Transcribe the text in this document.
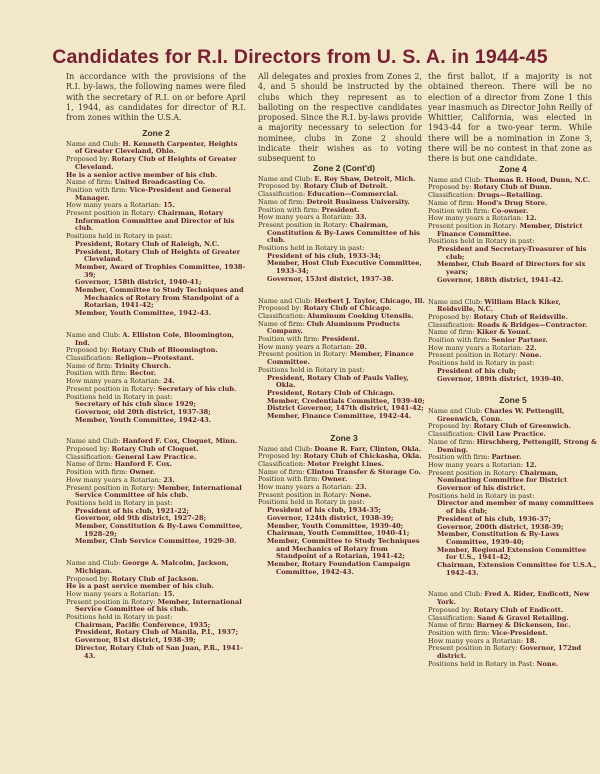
Candidates for R.I. Directors from U. S. A. in 1944-45

In accordance with the provisions of the R.I. by-laws, the following names were filed with the secretary of R.I. on or before April 1, 1944, as candidates for director of R.I. from zones within the U.S.A.

All delegates and proxies from Zones 2, 4, and 5 should be instructed by the clubs which they represent as to balloting on the respective candidates proposed. Since the R.I. by-laws provide a majority necessary to selection for nominee, clubs in Zone 2 should indicate their wishes as to voting subsequent to

the first ballot, if a majority is not obtained thereon. There will be no election of a director from Zone 1 this year inasmuch as Director John Reilly of Whittier, California, was elected in 1943-44 for a two-year term. While there will be a nomination in Zone 3, there will be no contest in that zone as there is but one candidate.

Zone 2

Name and Club: H. Kenneth Carpenter, Heights of Greater Cleveland, Ohio.

Proposed by: Rotary Club of Heights of Greater Cleveland.

He is a senior active member of his club.

Name of firm: United Broadcasting Co.

Position with firm: Vice-President and General Manager.

How many years a Rotarian: 15.

Present position in Rotary: Chairman, Rotary Information Committee and Director of his club.

Positions held in Rotary in past:

President, Rotary Club of Raleigh, N.C.

President, Rotary Club of Heights of Greater Cleveland.

Member, Award of Trophies Committee, 1938-39;

Governor, 158th district, 1940-41;

Member, Committee to Study Techniques and Mechanics of Rotary from Standpoint of a Rotarian, 1941-42;

Member, Youth Committee, 1942-43.

Name and Club: A. Elliston Cole, Bloomington, Ind.

Proposed by: Rotary Club of Bloomington.

Classification: Religion—Protestant.

Name of firm: Trinity Church.

Position with firm: Rector.

How many years a Rotarian: 24.

Present position in Rotary: Secretary of his club.

Positions held in Rotary in past:

Secretary of his club since 1929;

Governor, old 20th district, 1937-38;

Member, Youth Committee, 1942-43.

Name and Club: Hanford F. Cox, Cloquet, Minn.

Proposed by: Rotary Club of Cloquet.

Classification: General Law Practice.

Name of firm: Hanford F. Cox.

Position with firm: Owner.

How many years a Rotarian: 23.

Present position in Rotary: Member, International Service Committee of his club.

Positions held in Rotary in past:

President of his club, 1921-22;

Governor, old 9th district, 1927-28;

Member, Constitution & By-Laws Committee, 1928-29;

Member, Club Service Committee, 1929-30.

Name and Club: George A. Malcolm, Jackson, Michigan.

Proposed by: Rotary Club of Jackson.

He is a past service member of his club.

How many years a Rotarian: 15.

Present position in Rotary: Member, International Service Committee of his club.

Positions held in Rotary in past:

Chairman, Pacific Conference, 1935;

President, Rotary Club of Manila, P.I., 1937;

Governor, 81st district, 1938-39;

Director, Rotary Club of San Juan, P.R., 1941-43.

Zone 2 (Cont'd)

Name and Club: E. Roy Shaw, Detroit, Mich.

Proposed by: Rotary Club of Detroit.

Classification: Education—Commercial.

Name of firm: Detroit Business University.

Position with firm: President.

How many years a Rotarian: 33.

Present position in Rotary: Chairman, Constitution & By-Laws Committee of his club.

Positions held in Rotary in past:

President of his club, 1933-34;

Member, Host Club Executive Committee, 1933-34;

Governor, 153rd district, 1937-38.

Name and Club: Herbert J. Taylor, Chicago, Ill.

Proposed by: Rotary Club of Chicago.

Classification: Aluminum Cooking Utensils.

Name of firm: Club Aluminum Products Company.

Position with firm: President.

How many years a Rotarian: 20.

Present position in Rotary: Member, Finance Committee.

Positions held in Rotary in past:

President, Rotary Club of Pauls Valley, Okla.

President, Rotary Club of Chicago.

Member, Credentials Committee, 1939-40;

District Governor, 147th district, 1941-42;

Member, Finance Committee, 1942-44.

Zone 3

Name and Club: Doane R. Farr, Clinton, Okla.

Proposed by: Rotary Club of Chickasha, Okla.

Classification: Motor Freight Lines.

Name of firm: Clinton Transfer & Storage Co.

Position with firm: Owner.

How many years a Rotarian: 23.

Present position in Rotary: None.

Positions held in Rotary in past:

President of his club, 1934-35;

Governor, 124th district, 1938-39;

Member, Youth Committee, 1939-40;

Chairman, Youth Committee, 1940-41;

Member, Committee to Study Techniques and Mechanics of Rotary from Standpoint of a Rotarian, 1941-42;

Member, Rotary Foundation Campaign Committee, 1942-43.

Zone 4

Name and Club: Thomas R. Hood, Dunn, N.C.

Proposed by: Rotary Club of Dunn.

Classification: Drugs—Retailing.

Name of firm: Hood's Drug Store.

Position with firm: Co-owner.

How many years a Rotarian: 12.

Present position in Rotary: Member, District Finance Committee.

Positions held in Rotary in past:

President and Secretary-Treasurer of his club;

Member, Club Board of Directors for six years;

Governor, 188th district, 1941-42.

Name and Club: William Black Kiker, Reidsville, N.C.

Proposed by: Rotary Club of Reidsville.

Classification: Roads & Bridges—Contractor.

Name of firm: Kiker & Yount.

Position with firm: Senior Partner.

How many years a Rotarian: 22.

Present position in Rotary: None.

Positions held in Rotary in past:

President of his club;

Governor, 189th district, 1939-40.

Zone 5

Name and Club: Charles W. Pettengill, Greenwich, Conn.

Proposed by: Rotary Club of Greenwich.

Classification: Civil Law Practice.

Name of firm: Hirschberg, Pettengill, Strong & Deming.

Position with firm: Partner.

How many years a Rotarian: 12.

Present position in Rotary: Chairman, Nominating Committee for District Governor of his district.

Positions held in Rotary in past:

Director and member of many committees of his club;

President of his club, 1936-37;

Governor, 200th district, 1938-39;

Member, Constitution & By-Laws Committee, 1939-40;

Member, Regional Extension Committee for U.S., 1941-42;

Chairman, Extension Committee for U.S.A., 1942-43.

Name and Club: Fred A. Rider, Endicott, New York.

Proposed by: Rotary Club of Endicott.

Classification: Sand & Gravel Retailing.

Name of firm: Barney & Dickenson, Inc.

Position with firm: Vice-President.

How many years a Rotarian: 18.

Present position in Rotary: Governor, 172nd district.

Positions held in Rotary in Past: None.
